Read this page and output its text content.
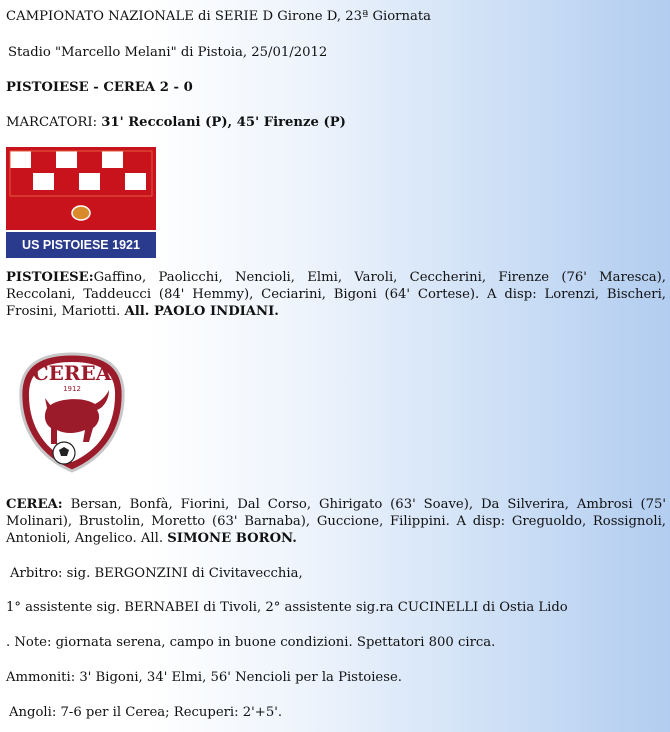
CAMPIONATO NAZIONALE di SERIE D Girone D, 23ª Giornata
Stadio "Marcello Melani" di Pistoia, 25/01/2012
PISTOIESE - CEREA 2 - 0
MARCATORI: 31' Reccolani (P), 45' Firenze (P)
US PISTOIESE 1921
PISTOIESE:Gaffino, Paolicchi, Nencioli, Elmi, Varoli, Ceccherini, Firenze (76' Maresca), Reccolani, Taddeucci (84' Hemmy), Ceciarini, Bigoni (64' Cortese). A disp: Lorenzi, Bischeri, Frosini, Mariotti. All. PAOLO INDIANI.
CEREA
1912
CEREA: Bersan, Bonfà, Fiorini, Dal Corso, Ghirigato (63' Soave), Da Silverira, Ambrosi (75' Molinari), Brustolin, Moretto (63' Barnaba), Guccione, Filippini. A disp: Greguoldo, Rossignoli, Antonioli, Angelico. All. SIMONE BORON.
Arbitro: sig. BERGONZINI di Civitavecchia,
1° assistente sig. BERNABEI di Tivoli, 2° assistente sig.ra CUCINELLI di Ostia Lido
. Note: giornata serena, campo in buone condizioni. Spettatori 800 circa.
Ammoniti: 3' Bigoni, 34' Elmi, 56' Nencioli per la Pistoiese.
Angoli: 7-6 per il Cerea; Recuperi: 2'+5'.
